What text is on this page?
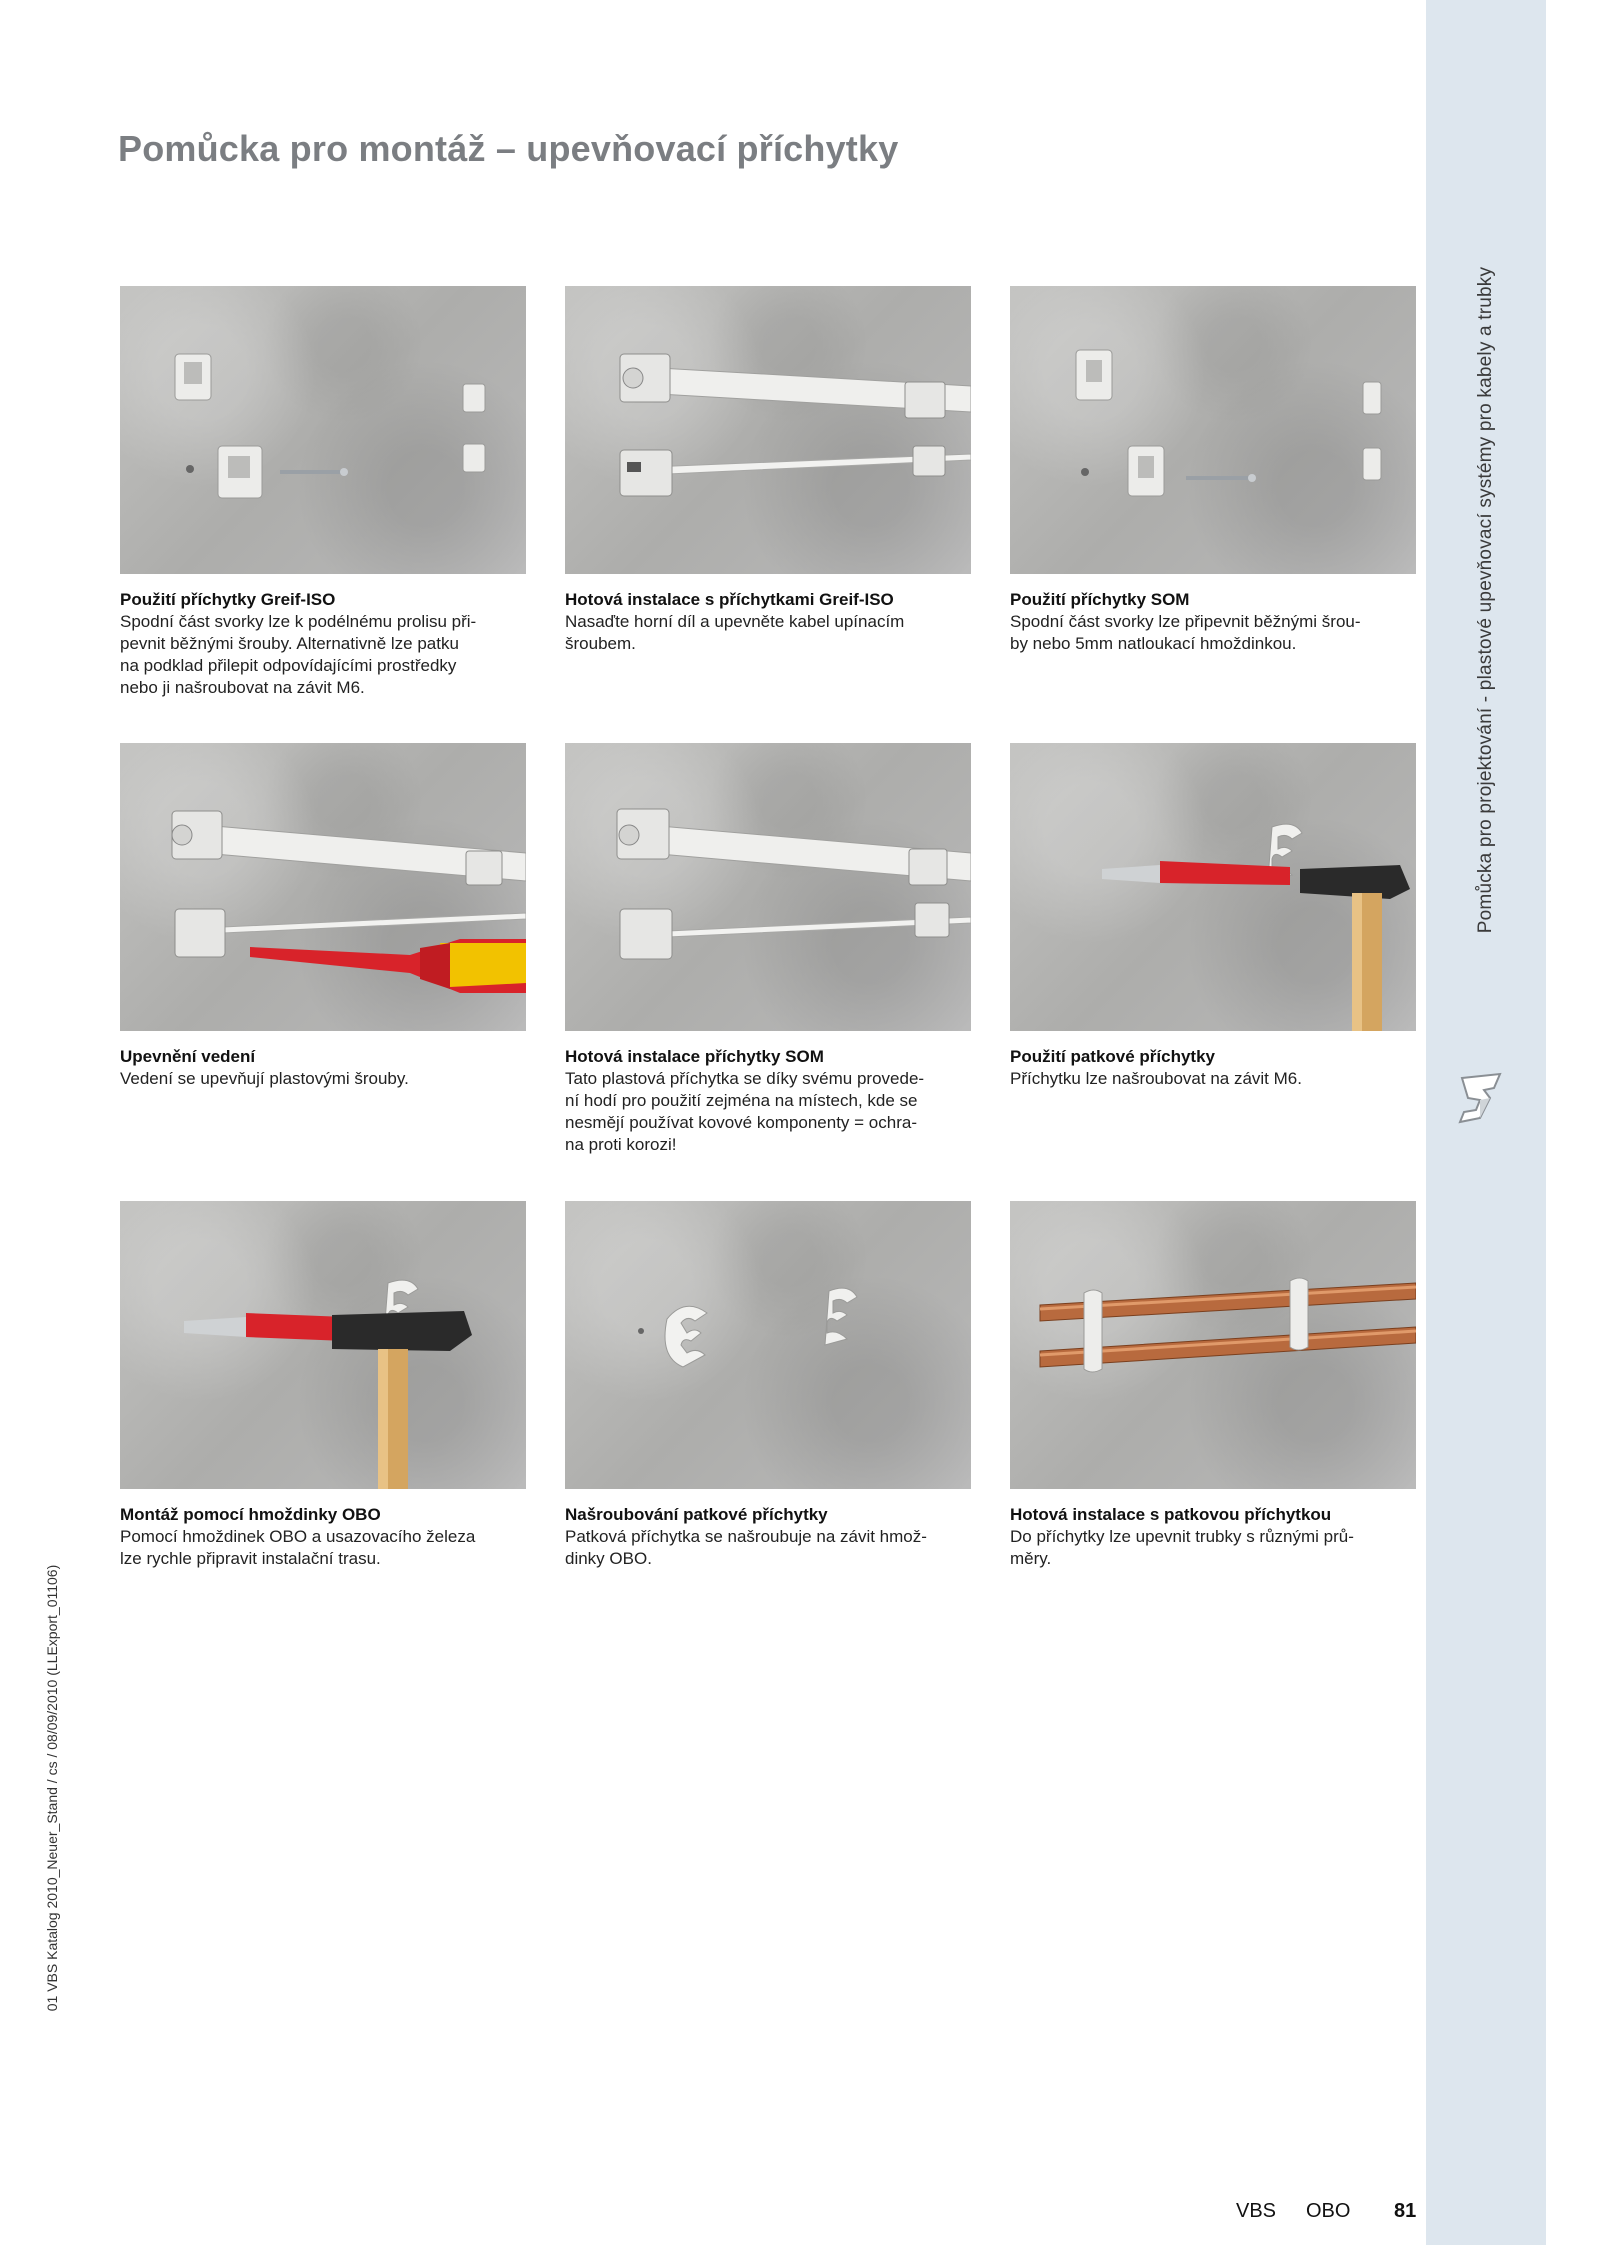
Pomůcka pro montáž – upevňovací příchytky
Pomůcka pro projektování - plastové upevňovací systémy pro kabely a trubky
01 VBS Katalog 2010_Neuer_Stand / cs / 08/09/2010 (LLExport_01106)
Použití příchytky Greif-ISO
Spodní část svorky lze k podélnému prolisu při-
pevnit běžnými šrouby. Alternativně lze patku
na podklad přilepit odpovídajícími prostředky
nebo ji našroubovat na závit M6.
Hotová instalace s příchytkami Greif-ISO
Nasaďte horní díl a upevněte kabel upínacím
šroubem.
Použití příchytky SOM
Spodní část svorky lze připevnit běžnými šrou-
by nebo 5mm natloukací hmoždinkou.
Upevnění vedení
Vedení se upevňují plastovými šrouby.
Hotová instalace příchytky SOM
Tato plastová příchytka se díky svému provede-
ní hodí pro použití zejména na místech, kde se
nesmějí používat kovové komponenty = ochra-
na proti korozi!
Použití patkové příchytky
Příchytku lze našroubovat na závit M6.
Montáž pomocí hmoždinky OBO
Pomocí hmoždinek OBO a usazovacího železa
lze rychle připravit instalační trasu.
Našroubování patkové příchytky
Patková příchytka se našroubuje na závit hmož-
dinky OBO.
Hotová instalace s patkovou příchytkou
Do příchytky lze upevnit trubky s různými prů-
měry.
VBS OBO 81
